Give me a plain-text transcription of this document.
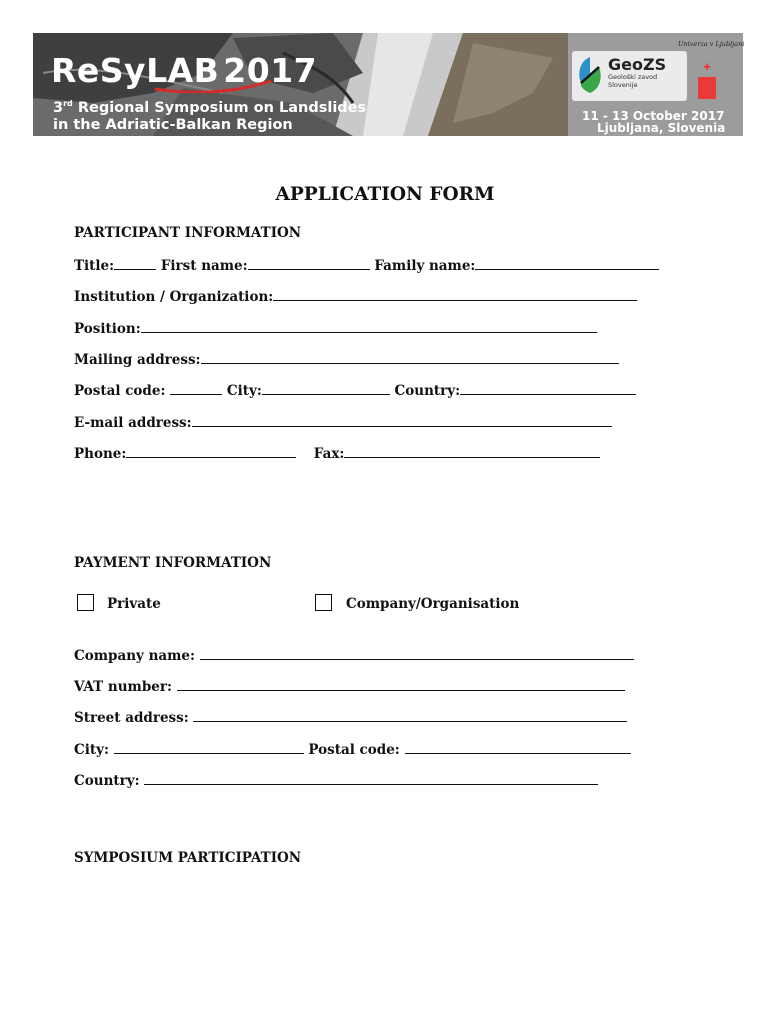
ReSyLAB 2017
3rd Regional Symposium on Landslides
in the Adriatic-Balkan Region
Univerza v Ljubljani
GeoZS
Geološki zavod Slovenije
✚
11 - 13 October 2017
Ljubljana, Slovenia
APPLICATION FORM
PARTICIPANT INFORMATION
Title:	First name:	Family name:
Institution / Organization:
Position:
Mailing address:
Postal code:	City:	Country:
E-mail address:
Phone:	Fax:
PAYMENT INFORMATION
Private	Company/Organisation
Company name:
VAT number:
Street address:
City:	Postal code:
Country:
SYMPOSIUM PARTICIPATION
